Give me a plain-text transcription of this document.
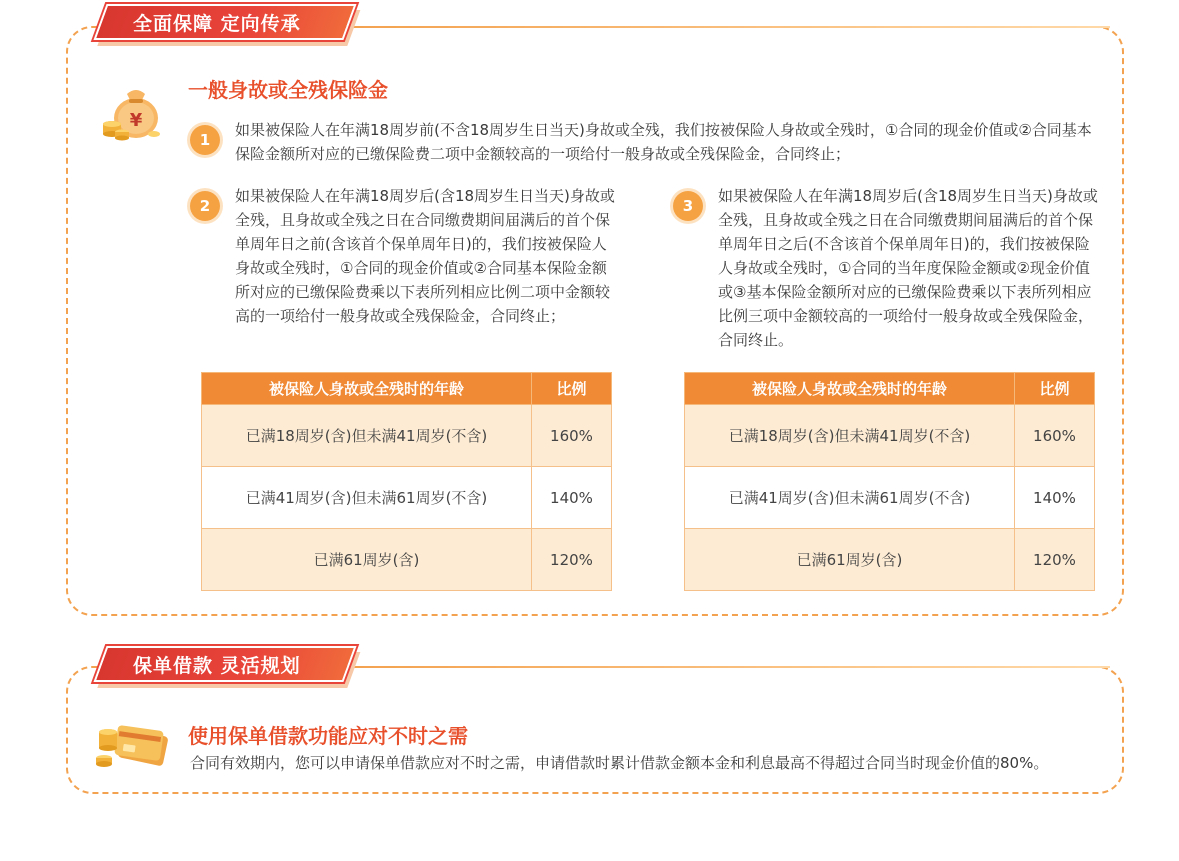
全面保障 定向传承
¥
一般身故或全残保险金
1
如果被保险人在年满18周岁前(不含18周岁生日当天)身故或全残，我们按被保险人身故或全残时，①合同的现金价值或②合同基本保险金额所对应的已缴保险费二项中金额较高的一项给付一般身故或全残保险金，合同终止；
2
如果被保险人在年满18周岁后(含18周岁生日当天)身故或全残，且身故或全残之日在合同缴费期间届满后的首个保单周年日之前(含该首个保单周年日)的，我们按被保险人身故或全残时，①合同的现金价值或②合同基本保险金额所对应的已缴保险费乘以下表所列相应比例二项中金额较高的一项给付一般身故或全残保险金，合同终止；
3
如果被保险人在年满18周岁后(含18周岁生日当天)身故或全残，且身故或全残之日在合同缴费期间届满后的首个保单周年日之后(不含该首个保单周年日)的，我们按被保险人身故或全残时，①合同的当年度保险金额或②现金价值或③基本保险金额所对应的已缴保险费乘以下表所列相应比例三项中金额较高的一项给付一般身故或全残保险金，合同终止。
被保险人身故或全残时的年龄	比例
已满18周岁(含)但未满41周岁(不含)	160%
已满41周岁(含)但未满61周岁(不含)	140%
已满61周岁(含)	120%
被保险人身故或全残时的年龄	比例
已满18周岁(含)但未满41周岁(不含)	160%
已满41周岁(含)但未满61周岁(不含)	140%
已满61周岁(含)	120%
保单借款 灵活规划
使用保单借款功能应对不时之需
合同有效期内，您可以申请保单借款应对不时之需，申请借款时累计借款金额本金和利息最高不得超过合同当时现金价值的80%。
